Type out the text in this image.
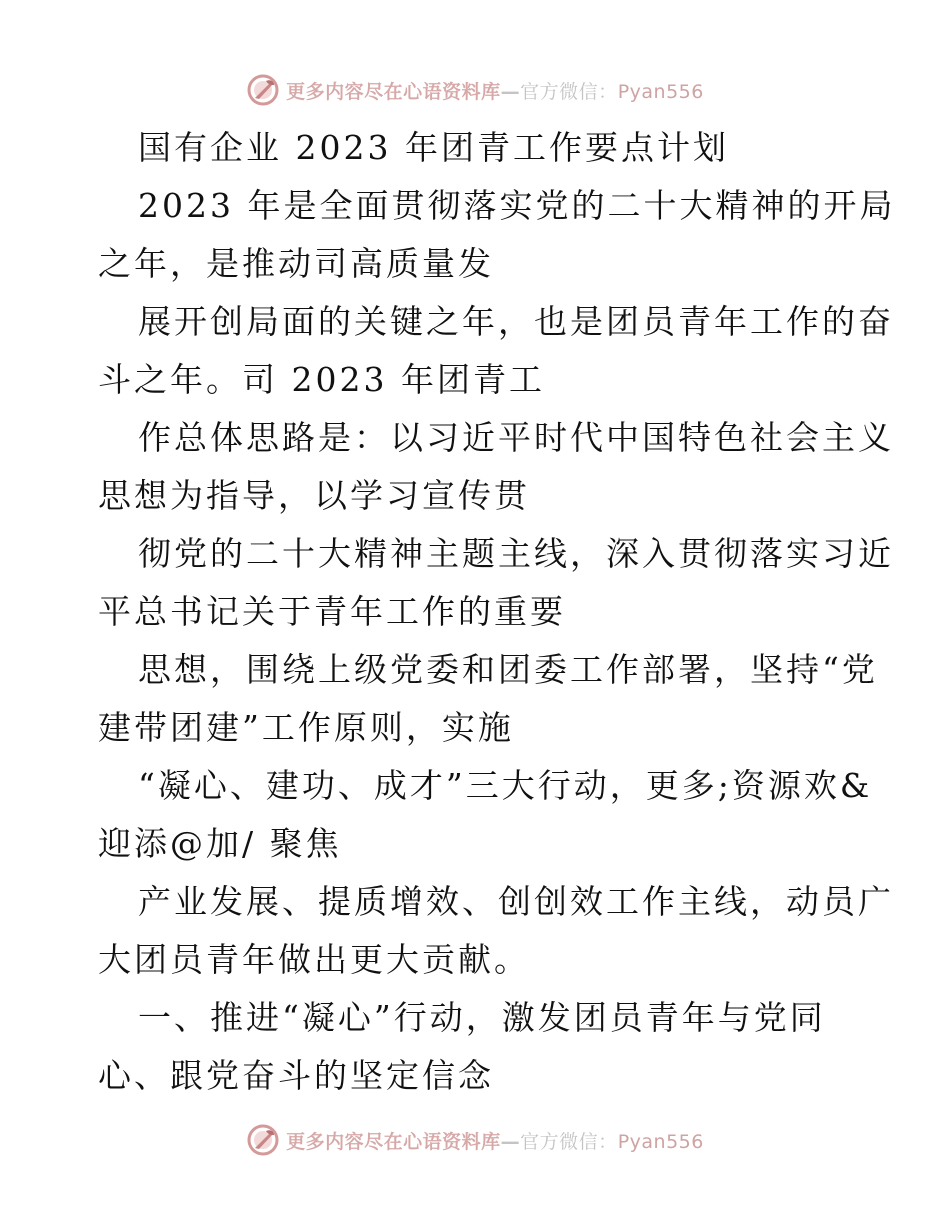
更多内容尽在心语资料库—官方微信：Pyan556
国有企业 2023 年团青工作要点计划
2023 年是全面贯彻落实党的二十大精神的开局
之年，是推动司高质量发
展开创局面的关键之年，也是团员青年工作的奋
斗之年。司 2023 年团青工
作总体思路是：以习近平时代中国特色社会主义
思想为指导，以学习宣传贯
彻党的二十大精神主题主线，深入贯彻落实习近
平总书记关于青年工作的重要
思想，围绕上级党委和团委工作部署，坚持“党
建带团建”工作原则，实施
“凝心、建功、成才”三大行动，更多;资源欢&
迎添@加/ 聚焦
产业发展、提质增效、创创效工作主线，动员广
大团员青年做出更大贡献。
一、推进“凝心”行动，激发团员青年与党同
心、跟党奋斗的坚定信念
更多内容尽在心语资料库—官方微信：Pyan556
